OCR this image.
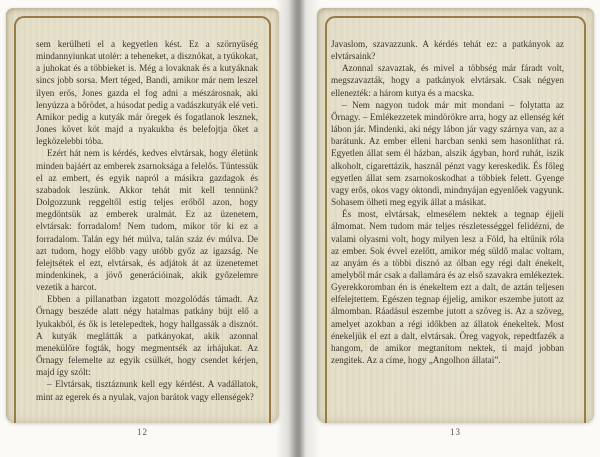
sem kerülheti el a kegyetlen kést. Ez a szörnyűség mindannyiunkat utolér: a teheneket, a disznókat, a tyúkokat, a juhokat és a többieket is. Még a lovaknak és a kutyáknak sincs jobb sorsa. Mert téged, Bandi, amikor már nem leszel ilyen erős, Jones gazda el fog adni a mészárosnak, aki lenyúzza a bőrödet, a húsodat pedig a vadászkutyák elé veti. Amikor pedig a kutyák már öregek és fogatlanok lesznek, Jones követ köt majd a nyakukba és belefojtja őket a legközelebbi tóba.

Ezért hát nem is kérdés, kedves elvtársak, hogy életünk minden bajáért az emberek zsarnoksága a felelős. Tüntessük el az embert, és egyik napról a másikra gazdagok és szabadok leszünk. Akkor tehát mit kell tennünk? Dolgozzunk reggeltől estig teljes erőből azon, hogy megdöntsük az emberek uralmát. Ez az üzenetem, elvtársak: forradalom! Nem tudom, mikor tör ki ez a forradalom. Talán egy hét múlva, talán száz év múlva. De azt tudom, hogy előbb vagy utóbb győz az igazság. Ne felejtsétek el ezt, elvtársak, és adjátok át az üzenetemet mindenkinek, a jövő generációinak, akik győzelemre vezetik a harcot.

Ebben a pillanatban izgatott mozgolódás támadt. Az Őrnagy beszéde alatt négy hatalmas patkány bújt elő a lyukakból, és ők is letelepedtek, hogy hallgassák a disznót. A kutyák meglátták a patkányokat, akik azonnal menekülőre fogták, hogy megmentsék az irhájukat. Az Őrnagy felemelte az egyik csülkét, hogy csendet kérjen, majd így szólt:

– Elvtársak, tisztáznunk kell egy kérdést. A vadállatok, mint az egerek és a nyulak, vajon barátok vagy ellenségek?

12

Javaslom, szavazzunk. A kérdés tehát ez: a patkányok az elvtársaink?

Azonnal szavaztak, és mivel a többség már fáradt volt, megszavazták, hogy a patkányok elvtársak. Csak négyen ellenezték: a három kutya és a macska.

– Nem nagyon tudok már mit mondani – folytatta az Őrnagy. – Emlékezzetek mindörökre arra, hogy az ellenség két lábon jár. Mindenki, aki négy lábon jár vagy szárnya van, az a barátunk. Az ember elleni harcban senki sem hasonlíthat rá. Egyetlen állat sem él házban, alszik ágyban, hord ruhát, iszik alkoholt, cigarettázik, használ pénzt vagy kereskedik. És főleg egyetlen állat sem zsarnokoskodhat a többiek felett. Gyenge vagy erős, okos vagy oktondi, mindnyájan egyenlőek vagyunk. Sohasem ölheti meg egyik állat a másikat.

És most, elvtársak, elmesélem nektek a tegnap éjjeli álmomat. Nem tudom már teljes részletességgel felidézni, de valami olyasmi volt, hogy milyen lesz a Föld, ha eltűnik róla az ember. Sok évvel ezelőtt, amikor még süldő malac voltam, az anyám és a többi disznó az ólban egy régi dalt énekelt, amelyből már csak a dallamára és az első szavakra emlékeztek. Gyerekkoromban én is énekeltem ezt a dalt, de aztán teljesen elfelejtettem. Egészen tegnap éjjelig, amikor eszembe jutott az álmomban. Ráadásul eszembe jutott a szöveg is. Az a szöveg, amelyet azokban a régi időkben az állatok énekeltek. Most énekeljük el ezt a dalt, elvtársak. Öreg vagyok, repedtfazék a hangom, de amikor megtanítom nektek, ti majd jobban zengitek. Az a címe, hogy „Angolhon állatai”.

13
